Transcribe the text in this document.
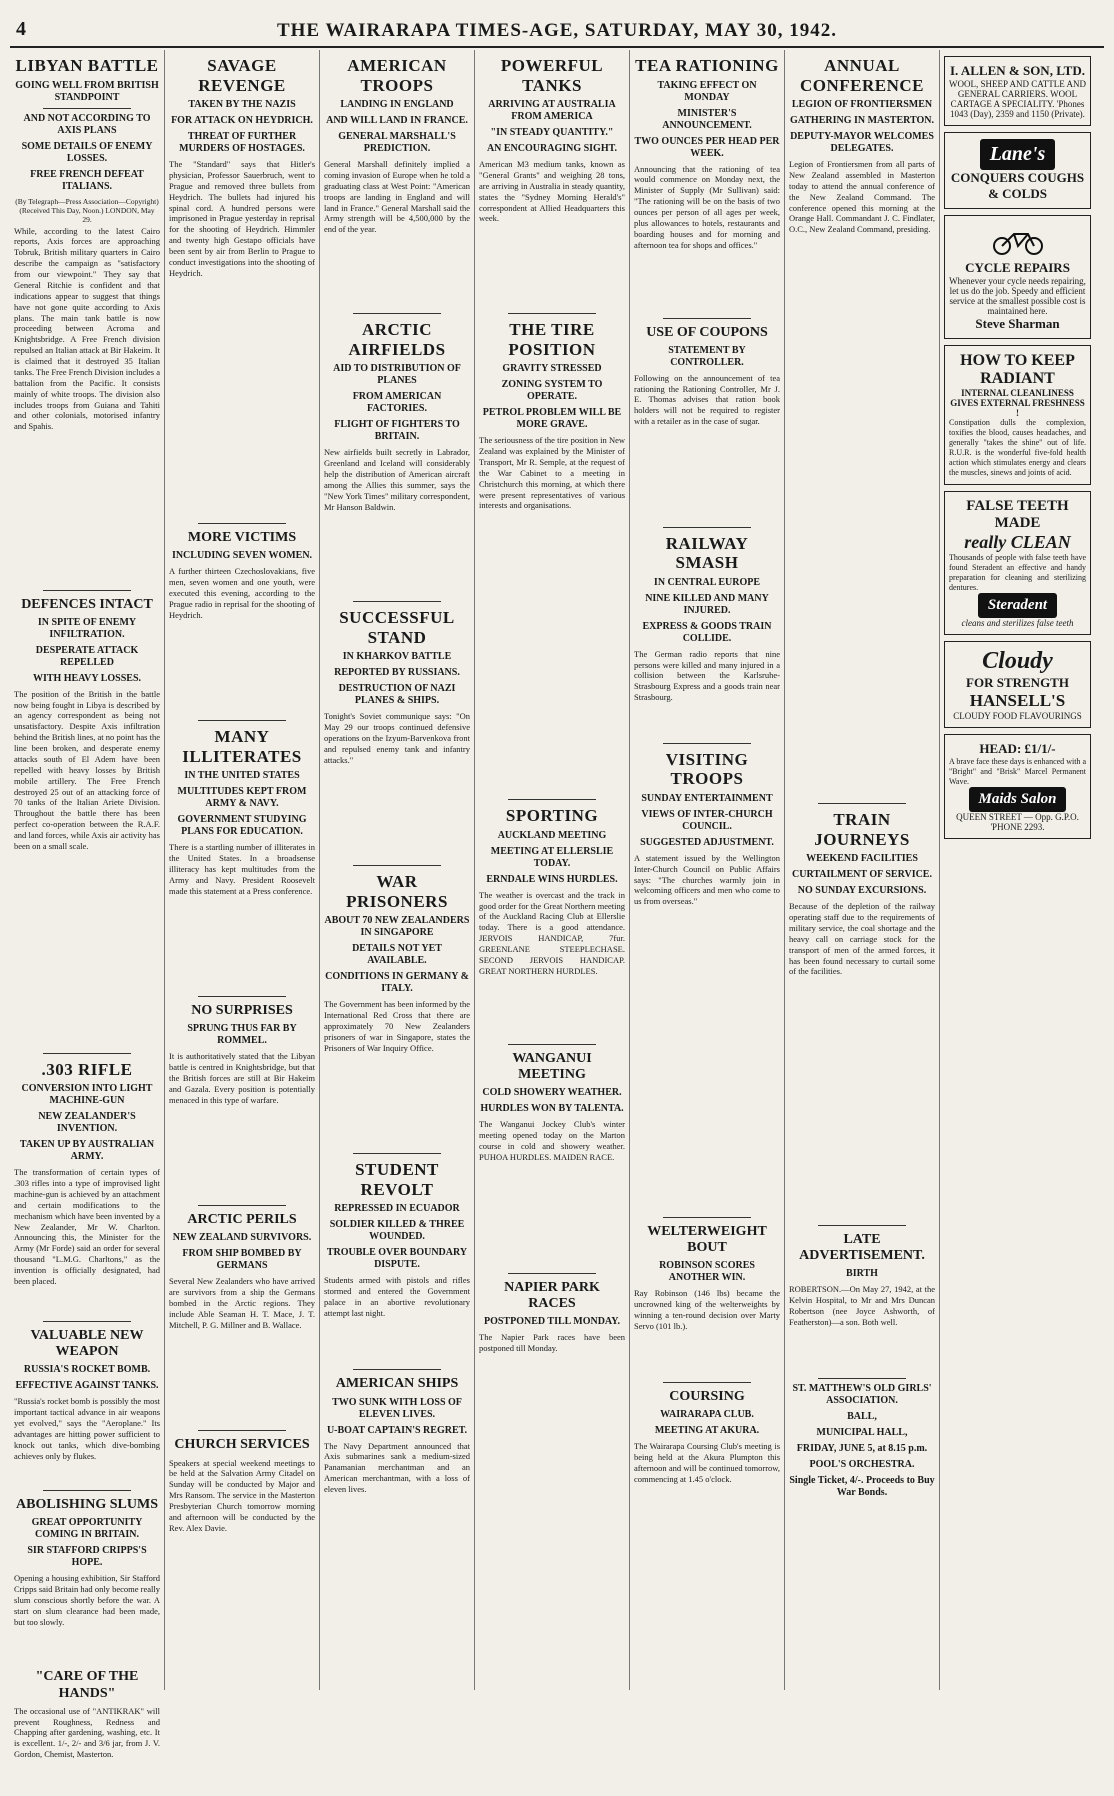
4	THE WAIRARAPA TIMES-AGE, SATURDAY, MAY 30, 1942.
LIBYAN BATTLE
GOING WELL FROM BRITISH STANDPOINT
AND NOT ACCORDING TO AXIS PLANS
SOME DETAILS OF ENEMY LOSSES.
FREE FRENCH DEFEAT ITALIANS.
(By Telegraph—Press Association—Copyright) (Received This Day, Noon.) LONDON, May 29.

While, according to the latest Cairo reports, Axis forces are approaching Tobruk, British military quarters in Cairo describe the campaign as "satisfactory from our viewpoint." They say that General Ritchie is confident and that indications appear to suggest that things have not gone quite according to Axis plans. The main tank battle is now proceeding between Acroma and Knightsbridge. A Free French division repulsed an Italian attack at Bir Hakeim. It is claimed that it destroyed 35 Italian tanks. The Free French Division includes a battalion from the Pacific. It consists mainly of white troops. The division also includes troops from Guiana and Tahiti and other colonials, motorised infantry and Spahis.

DEFENCES INTACT
IN SPITE OF ENEMY INFILTRATION.
DESPERATE ATTACK REPELLED
WITH HEAVY LOSSES.

The position of the British in the battle now being fought in Libya is described by an agency correspondent as being not unsatisfactory. Despite Axis infiltration behind the British lines, at no point has the line been broken, and desperate enemy attacks south of El Adem have been repelled with heavy losses by British mobile artillery. The Free French destroyed 25 out of an attacking force of 70 tanks of the Italian Ariete Division. Throughout the battle there has been perfect co-operation between the R.A.F. and land forces, while Axis air activity has been on a small scale.

.303 RIFLE
CONVERSION INTO LIGHT MACHINE-GUN
NEW ZEALANDER'S INVENTION.
TAKEN UP BY AUSTRALIAN ARMY.

The transformation of certain types of .303 rifles into a type of improvised light machine-gun is achieved by an attachment and certain modifications to the mechanism which have been invented by a New Zealander, Mr W. Charlton. Announcing this, the Minister for the Army (Mr Forde) said an order for several thousand "L.M.G. Charltons," as the invention is officially designated, had been placed.

VALUABLE NEW WEAPON
RUSSIA'S ROCKET BOMB.
EFFECTIVE AGAINST TANKS.

"Russia's rocket bomb is possibly the most important tactical advance in air weapons yet evolved," says the "Aeroplane." Its advantages are hitting power sufficient to knock out tanks, which dive-bombing achieves only by flukes.

ABOLISHING SLUMS
GREAT OPPORTUNITY COMING IN BRITAIN.
SIR STAFFORD CRIPPS'S HOPE.

Opening a housing exhibition, Sir Stafford Cripps said Britain had only become really slum conscious shortly before the war. A start on slum clearance had been made, but too slowly.

"CARE OF THE HANDS"

The occasional use of "ANTIKRAK" will prevent Roughness, Redness and Chapping after gardening, washing, etc. It is excellent. 1/-, 2/- and 3/6 jar, from J. V. Gordon, Chemist, Masterton.

SAVAGE REVENGE
TAKEN BY THE NAZIS
FOR ATTACK ON HEYDRICH.
THREAT OF FURTHER MURDERS OF HOSTAGES.

The "Standard" says that Hitler's physician, Professor Sauerbruch, went to Prague and removed three bullets from Heydrich. The bullets had injured his spinal cord. A hundred persons were imprisoned in Prague yesterday in reprisal for the shooting of Heydrich. Himmler and twenty high Gestapo officials have been sent by air from Berlin to Prague to conduct investigations into the shooting of Heydrich.

MORE VICTIMS
INCLUDING SEVEN WOMEN.

A further thirteen Czechoslovakians, five men, seven women and one youth, were executed this evening, according to the Prague radio in reprisal for the shooting of Heydrich.

MANY ILLITERATES
IN THE UNITED STATES
MULTITUDES KEPT FROM ARMY & NAVY.
GOVERNMENT STUDYING PLANS FOR EDUCATION.

There is a startling number of illiterates in the United States. In a broadsense illiteracy has kept multitudes from the Army and Navy. President Roosevelt made this statement at a Press conference.

NO SURPRISES
SPRUNG THUS FAR BY ROMMEL.

It is authoritatively stated that the Libyan battle is centred in Knightsbridge, but that the British forces are still at Bir Hakeim and Gazala. Every position is potentially menaced in this type of warfare.

ARCTIC PERILS
NEW ZEALAND SURVIVORS.
FROM SHIP BOMBED BY GERMANS

Several New Zealanders who have arrived are survivors from a ship the Germans bombed in the Arctic regions. They include Able Seaman H. T. Mace, J. T. Mitchell, P. G. Millner and B. Wallace.

CHURCH SERVICES

Speakers at special weekend meetings to be held at the Salvation Army Citadel on Sunday will be conducted by Major and Mrs Ransom. The service in the Masterton Presbyterian Church tomorrow morning and afternoon will be conducted by the Rev. Alex Davie.

AMERICAN TROOPS
LANDING IN ENGLAND
AND WILL LAND IN FRANCE.
GENERAL MARSHALL'S PREDICTION.

General Marshall definitely implied a coming invasion of Europe when he told a graduating class at West Point: "American troops are landing in England and will land in France." General Marshall said the Army strength will be 4,500,000 by the end of the year.

ARCTIC AIRFIELDS
AID TO DISTRIBUTION OF PLANES
FROM AMERICAN FACTORIES.
FLIGHT OF FIGHTERS TO BRITAIN.

New airfields built secretly in Labrador, Greenland and Iceland will considerably help the distribution of American aircraft among the Allies this summer, says the "New York Times" military correspondent, Mr Hanson Baldwin.

SUCCESSFUL STAND
IN KHARKOV BATTLE
REPORTED BY RUSSIANS.
DESTRUCTION OF NAZI PLANES & SHIPS.

Tonight's Soviet communique says: "On May 29 our troops continued defensive operations on the Izyum-Barvenkova front and repulsed enemy tank and infantry attacks."

WAR PRISONERS
ABOUT 70 NEW ZEALANDERS IN SINGAPORE
DETAILS NOT YET AVAILABLE.
CONDITIONS IN GERMANY & ITALY.

The Government has been informed by the International Red Cross that there are approximately 70 New Zealanders prisoners of war in Singapore, states the Prisoners of War Inquiry Office.

STUDENT REVOLT
REPRESSED IN ECUADOR
SOLDIER KILLED & THREE WOUNDED.
TROUBLE OVER BOUNDARY DISPUTE.

Students armed with pistols and rifles stormed and entered the Government palace in an abortive revolutionary attempt last night.

AMERICAN SHIPS
TWO SUNK WITH LOSS OF ELEVEN LIVES.
U-BOAT CAPTAIN'S REGRET.

The Navy Department announced that Axis submarines sank a medium-sized Panamanian merchantman and an American merchantman, with a loss of eleven lives.

POWERFUL TANKS
ARRIVING AT AUSTRALIA FROM AMERICA
"IN STEADY QUANTITY."
AN ENCOURAGING SIGHT.

American M3 medium tanks, known as "General Grants" and weighing 28 tons, are arriving in Australia in steady quantity, states the "Sydney Morning Herald's" correspondent at Allied Headquarters this week.

THE TIRE POSITION
GRAVITY STRESSED
ZONING SYSTEM TO OPERATE.
PETROL PROBLEM WILL BE MORE GRAVE.

The seriousness of the tire position in New Zealand was explained by the Minister of Transport, Mr R. Semple, at the request of the War Cabinet to a meeting in Christchurch this morning, at which there were present representatives of various interests and organisations.

SPORTING
AUCKLAND MEETING
MEETING AT ELLERSLIE TODAY.
ERNDALE WINS HURDLES.

The weather is overcast and the track in good order for the Great Northern meeting of the Auckland Racing Club at Ellerslie today. There is a good attendance. JERVOIS HANDICAP, 7fur. GREENLANE STEEPLECHASE. SECOND JERVOIS HANDICAP. GREAT NORTHERN HURDLES.

WANGANUI MEETING
COLD SHOWERY WEATHER.
HURDLES WON BY TALENTA.

The Wanganui Jockey Club's winter meeting opened today on the Marton course in cold and showery weather. PUHOA HURDLES. MAIDEN RACE.

NAPIER PARK RACES
POSTPONED TILL MONDAY.

The Napier Park races have been postponed till Monday.

TEA RATIONING
TAKING EFFECT ON MONDAY
MINISTER'S ANNOUNCEMENT.
TWO OUNCES PER HEAD PER WEEK.

Announcing that the rationing of tea would commence on Monday next, the Minister of Supply (Mr Sullivan) said: "The rationing will be on the basis of two ounces per person of all ages per week, plus allowances to hotels, restaurants and boarding houses and for morning and afternoon tea for shops and offices."

USE OF COUPONS
STATEMENT BY CONTROLLER.

Following on the announcement of tea rationing the Rationing Controller, Mr J. E. Thomas advises that ration book holders will not be required to register with a retailer as in the case of sugar.

RAILWAY SMASH
IN CENTRAL EUROPE
NINE KILLED AND MANY INJURED.
EXPRESS & GOODS TRAIN COLLIDE.

The German radio reports that nine persons were killed and many injured in a collision between the Karlsruhe-Strasbourg Express and a goods train near Strasbourg.

VISITING TROOPS
SUNDAY ENTERTAINMENT
VIEWS OF INTER-CHURCH COUNCIL.
SUGGESTED ADJUSTMENT.

A statement issued by the Wellington Inter-Church Council on Public Affairs says: "The churches warmly join in welcoming officers and men who come to us from overseas."

WELTERWEIGHT BOUT
ROBINSON SCORES ANOTHER WIN.

Ray Robinson (146 lbs) became the uncrowned king of the welterweights by winning a ten-round decision over Marty Servo (101 lb.).

COURSING
WAIRARAPA CLUB.
MEETING AT AKURA.

The Wairarapa Coursing Club's meeting is being held at the Akura Plumpton this afternoon and will be continued tomorrow, commencing at 1.45 o'clock.

ANNUAL CONFERENCE
LEGION OF FRONTIERSMEN
GATHERING IN MASTERTON.
DEPUTY-MAYOR WELCOMES DELEGATES.

Legion of Frontiersmen from all parts of New Zealand assembled in Masterton today to attend the annual conference of the New Zealand Command. The conference opened this morning at the Orange Hall. Commandant J. C. Findlater, O.C., New Zealand Command, presiding.

TRAIN JOURNEYS
WEEKEND FACILITIES
CURTAILMENT OF SERVICE.
NO SUNDAY EXCURSIONS.

Because of the depletion of the railway operating staff due to the requirements of military service, the coal shortage and the heavy call on carriage stock for the transport of men of the armed forces, it has been found necessary to curtail some of the facilities.

LATE ADVERTISEMENT.
BIRTH

ROBERTSON.—On May 27, 1942, at the Kelvin Hospital, to Mr and Mrs Duncan Robertson (nee Joyce Ashworth, of Featherston)—a son. Both well.

ST. MATTHEW'S OLD GIRLS' ASSOCIATION.
BALL,
MUNICIPAL HALL,
FRIDAY, JUNE 5, at 8.15 p.m.
POOL'S ORCHESTRA.
Single Ticket, 4/-. Proceeds to Buy War Bonds.
I. ALLEN & SON, LTD.
WOOL, SHEEP AND CATTLE AND GENERAL CARRIERS. WOOL CARTAGE A SPECIALITY. 'Phones 1043 (Day), 2359 and 1150 (Private).
Lane's
CONQUERS COUGHS & COLDS
CYCLE REPAIRS
Whenever your cycle needs repairing, let us do the job. Speedy and efficient service at the smallest possible cost is maintained here.
Steve Sharman
HOW TO KEEP RADIANT
INTERNAL CLEANLINESS GIVES EXTERNAL FRESHNESS !
Constipation dulls the complexion, toxifies the blood, causes headaches, and generally "takes the shine" out of life. R.U.R. is the wonderful five-fold health action which stimulates energy and clears the muscles, sinews and joints of acid.
FALSE TEETH MADE
really CLEAN
Thousands of people with false teeth have found Steradent an effective and handy preparation for cleaning and sterilizing dentures.
Steradent
cleans and sterilizes false teeth
Cloudy
FOR STRENGTH
HANSELL'S
CLOUDY FOOD FLAVOURINGS
HEAD: £1/1/-
A brave face these days is enhanced with a "Bright" and "Brisk" Marcel Permanent Wave.
Maids Salon
QUEEN STREET — Opp. G.P.O. 'PHONE 2293.
